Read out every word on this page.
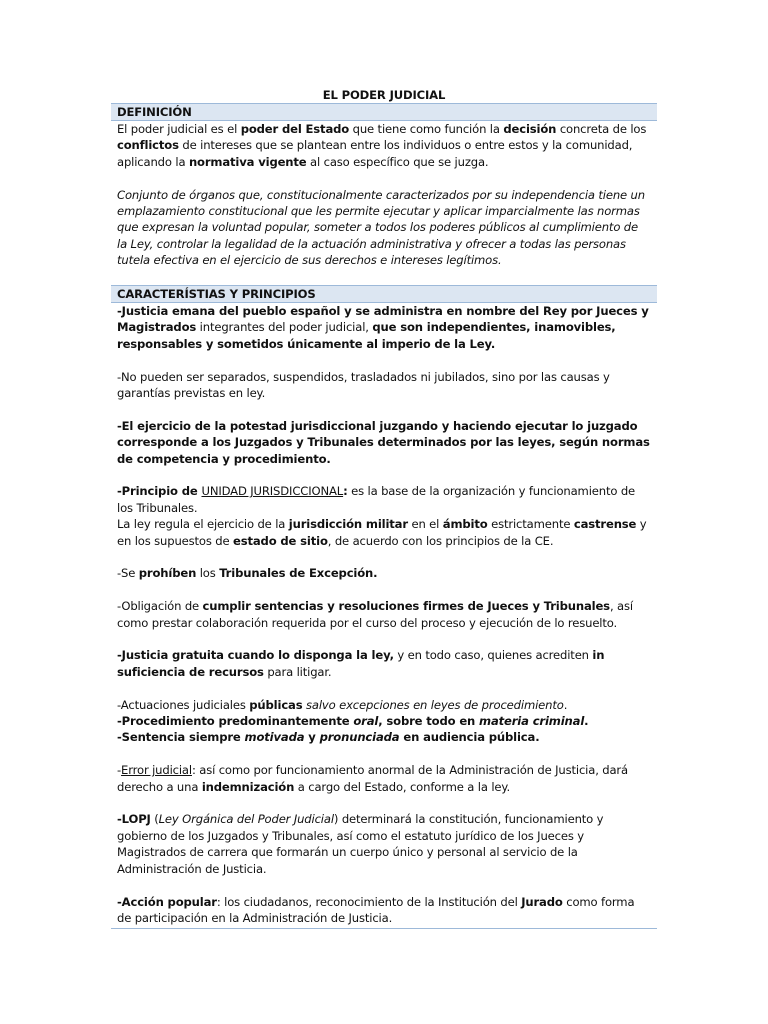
EL PODER JUDICIAL
DEFINICIÓN

El poder judicial es el poder del Estado que tiene como función la decisión concreta de los conflictos de intereses que se plantean entre los individuos o entre estos y la comunidad, aplicando la normativa vigente al caso específico que se juzga.

Conjunto de órganos que, constitucionalmente caracterizados por su independencia tiene un emplazamiento constitucional que les permite ejecutar y aplicar imparcialmente las normas que expresan la voluntad popular, someter a todos los poderes públicos al cumplimiento de la Ley, controlar la legalidad de la actuación administrativa y ofrecer a todas las personas tutela efectiva en el ejercicio de sus derechos e intereses legítimos.

CARACTERÍSTIAS Y PRINCIPIOS

-Justicia emana del pueblo español y se administra en nombre del Rey por Jueces y Magistrados integrantes del poder judicial, que son independientes, inamovibles, responsables y sometidos únicamente al imperio de la Ley.

-No pueden ser separados, suspendidos, trasladados ni jubilados, sino por las causas y garantías previstas en ley.

-El ejercicio de la potestad jurisdiccional juzgando y haciendo ejecutar lo juzgado corresponde a los Juzgados y Tribunales determinados por las leyes, según normas de competencia y procedimiento.

-Principio de UNIDAD JURISDICCIONAL: es la base de la organización y funcionamiento de los Tribunales.
La ley regula el ejercicio de la jurisdicción militar en el ámbito estrictamente castrense y en los supuestos de estado de sitio, de acuerdo con los principios de la CE.

-Se prohíben los Tribunales de Excepción.

-Obligación de cumplir sentencias y resoluciones firmes de Jueces y Tribunales, así como prestar colaboración requerida por el curso del proceso y ejecución de lo resuelto.

-Justicia gratuita cuando lo disponga la ley, y en todo caso, quienes acrediten in suficiencia de recursos para litigar.

-Actuaciones judiciales públicas salvo excepciones en leyes de procedimiento.
-Procedimiento predominantemente oral, sobre todo en materia criminal.
-Sentencia siempre motivada y pronunciada en audiencia pública.

-Error judicial: así como por funcionamiento anormal de la Administración de Justicia, dará derecho a una indemnización a cargo del Estado, conforme a la ley.

-LOPJ (Ley Orgánica del Poder Judicial) determinará la constitución, funcionamiento y gobierno de los Juzgados y Tribunales, así como el estatuto jurídico de los Jueces y Magistrados de carrera que formarán un cuerpo único y personal al servicio de la Administración de Justicia.

-Acción popular: los ciudadanos, reconocimiento de la Institución del Jurado como forma de participación en la Administración de Justicia.
